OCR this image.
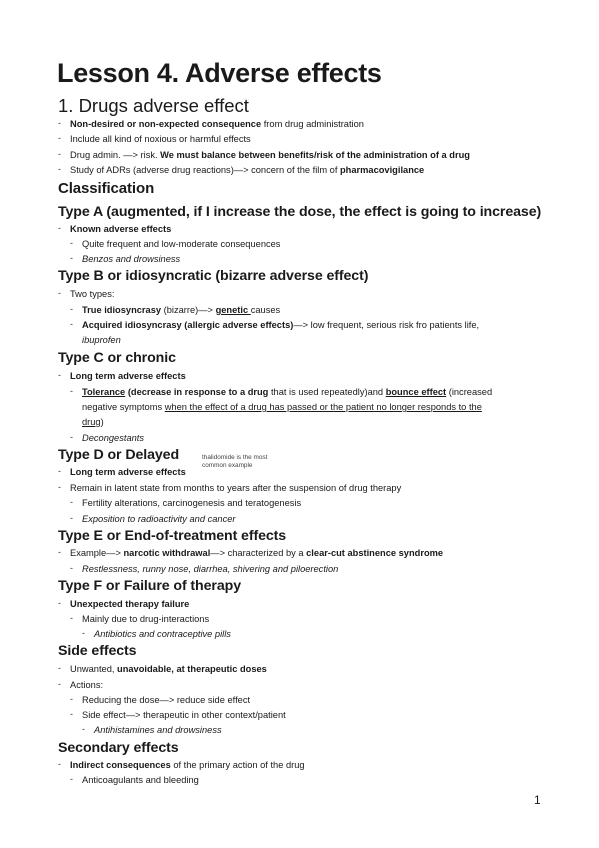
Lesson 4. Adverse effects
1. Drugs adverse effect
- Non-desired or non-expected consequence from drug administration
- Include all kind of noxious or harmful effects
- Drug admin. —> risk. We must balance between benefits/risk of the administration of a drug
- Study of ADRs (adverse drug reactions)—> concern of the film of pharmacovigilance
Classification
Type A (augmented, if I increase the dose, the effect is going to increase)
- Known adverse effects
- Quite frequent and low-moderate consequences
- Benzos and drowsiness
Type B or idiosyncratic (bizarre adverse effect)
- Two types:
- True idiosyncrasy (bizarre)—> genetic causes
- Acquired idiosyncrasy (allergic adverse effects)—> low frequent, serious risk fro patients life,
ibuprofen
Type C or chronic
- Long term adverse effects
- Tolerance (decrease in response to a drug that is used repeatedly)and bounce effect (increased
negative symptoms when the effect of a drug has passed or the patient no longer responds to the
drug)
- Decongestants
Type D or Delayed	thalidomide is the most common example
- Long term adverse effects
- Remain in latent state from months to years after the suspension of drug therapy
- Fertility alterations, carcinogenesis and teratogenesis
- Exposition to radioactivity and cancer
Type E or End-of-treatment effects
- Example—> narcotic withdrawal—> characterized by a clear-cut abstinence syndrome
- Restlessness, runny nose, diarrhea, shivering and piloerection
Type F or Failure of therapy
- Unexpected therapy failure
- Mainly due to drug-interactions
- Antibiotics and contraceptive pills
Side effects
- Unwanted, unavoidable, at therapeutic doses
- Actions:
- Reducing the dose—> reduce side effect
- Side effect—> therapeutic in other context/patient
- Antihistamines and drowsiness
Secondary effects
- Indirect consequences of the primary action of the drug
- Anticoagulants and bleeding
1
